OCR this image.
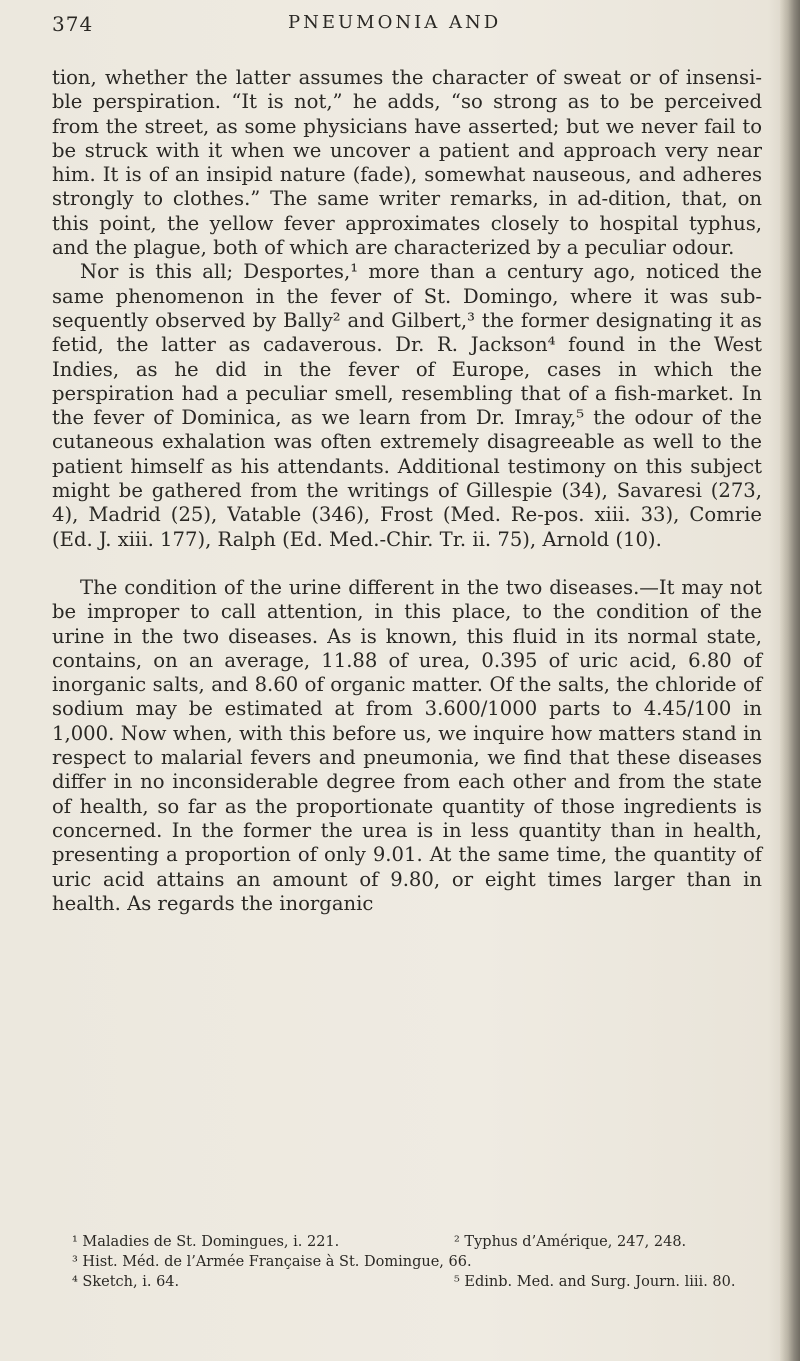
374	PNEUMONIA AND

tion, whether the latter assumes the character of sweat or of insensi-ble perspiration. “It is not,” he adds, “so strong as to be perceived from the street, as some physicians have asserted; but we never fail to be struck with it when we uncover a patient and approach very near him. It is of an insipid nature (fade), somewhat nauseous, and adheres strongly to clothes.” The same writer remarks, in ad-dition, that, on this point, the yellow fever approximates closely to hospital typhus, and the plague, both of which are characterized by a peculiar odour.

Nor is this all; Desportes,¹ more than a century ago, noticed the same phenomenon in the fever of St. Domingo, where it was sub-sequently observed by Bally² and Gilbert,³ the former designating it as fetid, the latter as cadaverous. Dr. R. Jackson⁴ found in the West Indies, as he did in the fever of Europe, cases in which the perspiration had a peculiar smell, resembling that of a fish-market. In the fever of Dominica, as we learn from Dr. Imray,⁵ the odour of the cutaneous exhalation was often extremely disagreeable as well to the patient himself as his attendants. Additional testimony on this subject might be gathered from the writings of Gillespie (34), Savaresi (273, 4), Madrid (25), Vatable (346), Frost (Med. Re-pos. xiii. 33), Comrie (Ed. J. xiii. 177), Ralph (Ed. Med.-Chir. Tr. ii. 75), Arnold (10).

The condition of the urine different in the two diseases.—It may not be improper to call attention, in this place, to the condition of the urine in the two diseases. As is known, this fluid in its normal state, contains, on an average, 11.88 of urea, 0.395 of uric acid, 6.80 of inorganic salts, and 8.60 of organic matter. Of the salts, the chloride of sodium may be estimated at from 3.600/1000 parts to 4.45/100 in 1,000. Now when, with this before us, we inquire how matters stand in respect to malarial fevers and pneumonia, we find that these diseases differ in no inconsiderable degree from each other and from the state of health, so far as the proportionate quantity of those ingredients is concerned. In the former the urea is in less quantity than in health, presenting a proportion of only 9.01. At the same time, the quantity of uric acid attains an amount of 9.80, or eight times larger than in health. As regards the inorganic

¹ Maladies de St. Domingues, i. 221.	² Typhus d’Amérique, 247, 248.
³ Hist. Méd. de l’Armée Française à St. Domingue, 66.
⁴ Sketch, i. 64.	⁵ Edinb. Med. and Surg. Journ. liii. 80.
